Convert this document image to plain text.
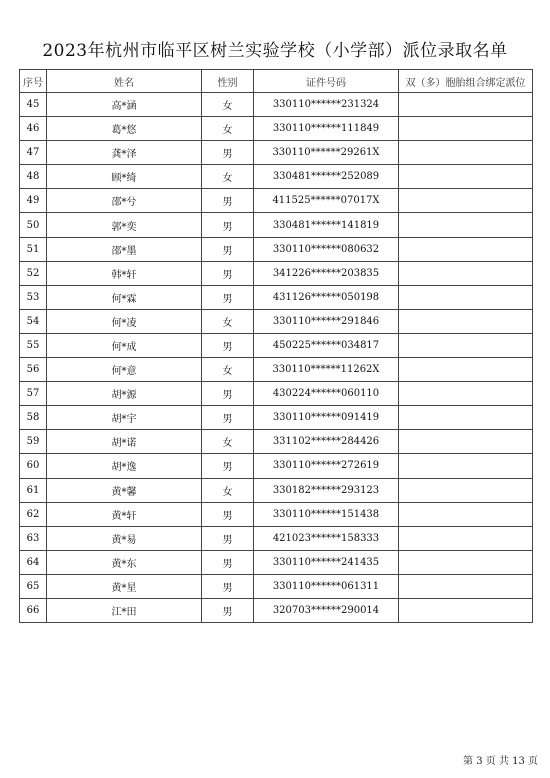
2023年杭州市临平区树兰实验学校（小学部）派位录取名单
序号	姓名	性别	证件号码	双（多）胞胎组合绑定派位
45	高*涵	女	330110******231324	
46	葛*悠	女	330110******111849	
47	龚*泽	男	330110******29261X	
48	顾*绮	女	330481******252089	
49	邵*兮	男	411525******07017X	
50	郭*奕	男	330481******141819	
51	邵*墨	男	330110******080632	
52	韩*轩	男	341226******203835	
53	何*霖	男	431126******050198	
54	何*凌	女	330110******291846	
55	何*成	男	450225******034817	
56	何*意	女	330110******11262X	
57	胡*源	男	430224******060110	
58	胡*宇	男	330110******091419	
59	胡*诺	女	331102******284426	
60	胡*逸	男	330110******272619	
61	黄*馨	女	330182******293123	
62	黄*轩	男	330110******151438	
63	黄*易	男	421023******158333	
64	黄*东	男	330110******241435	
65	黄*星	男	330110******061311	
66	江*田	男	320703******290014	
第 3 页 共 13 页
